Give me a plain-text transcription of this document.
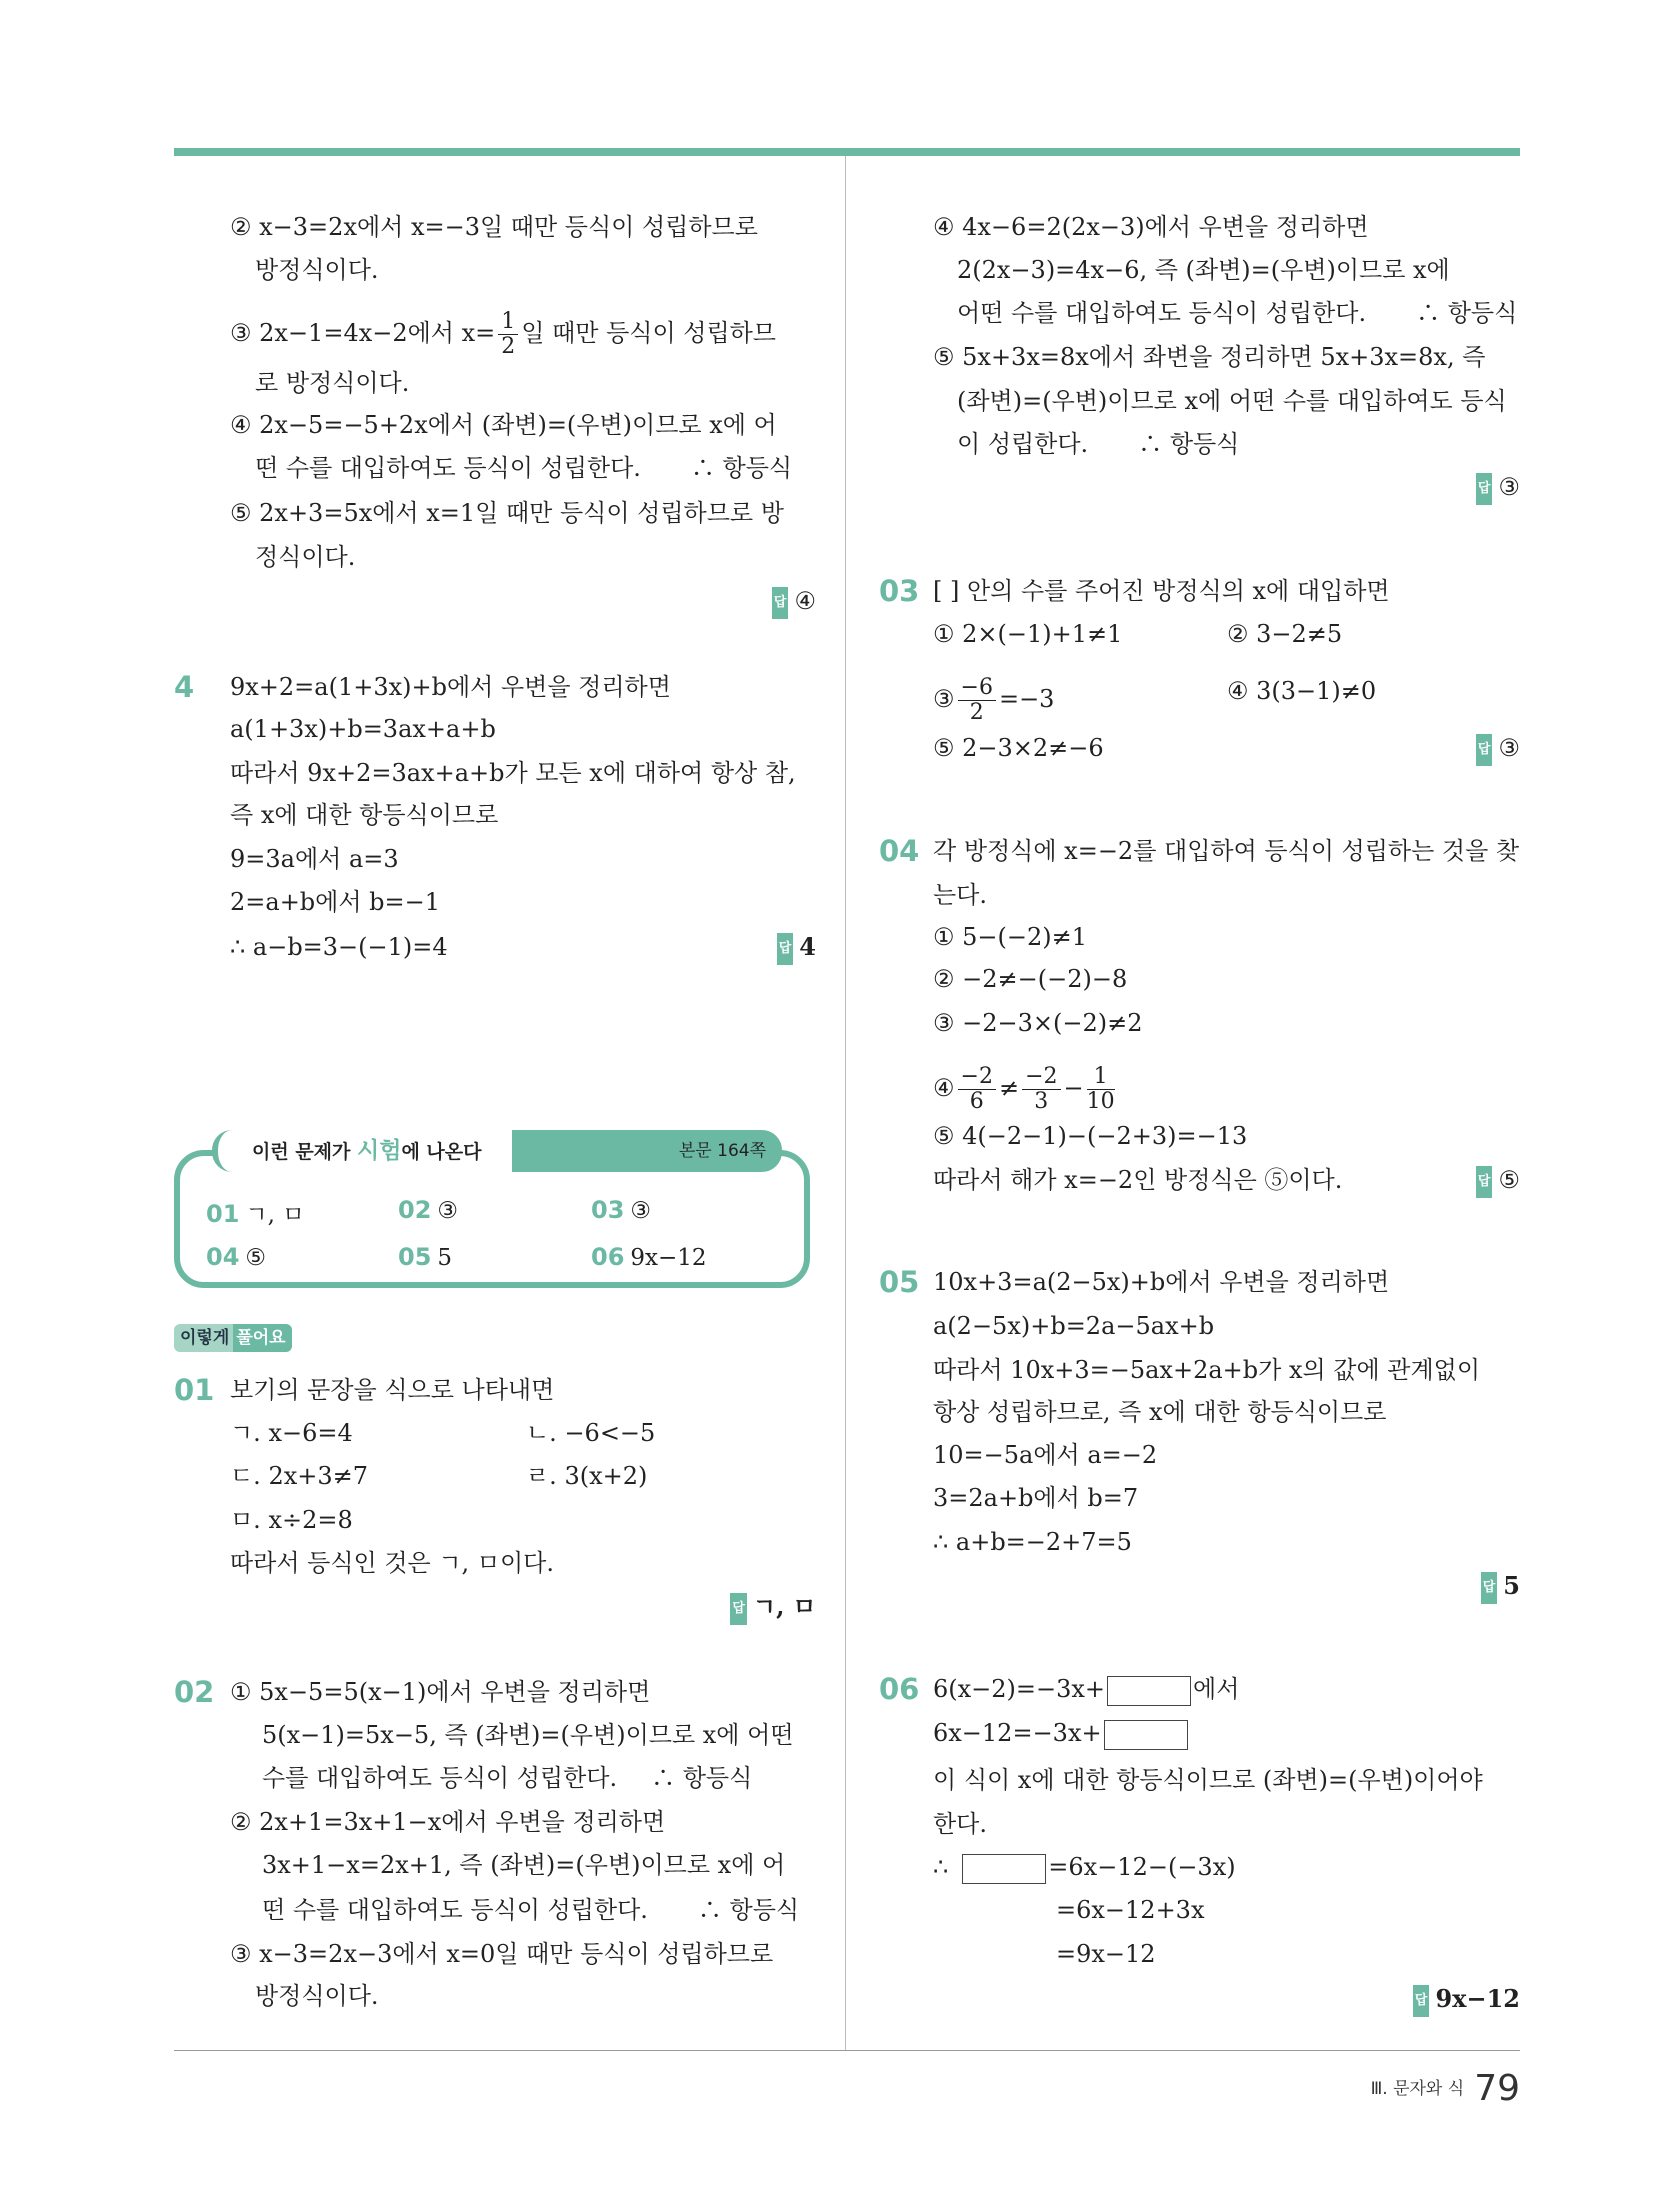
② x−3=2x에서 x=−3일 때만 등식이 성립하므로
방정식이다.
③ 2x−1=4x−2에서 $x= \frac{1}{2}$ 일 때만 등식이 성립하므
로 방정식이다.
④ 2x−5=−5+2x에서 (좌변)=(우변)이므로 x에 어
떤 수를 대입하여도 등식이 성립한다. ∴ 항등식
⑤ 2x+3=5x에서 x=1일 때만 등식이 성립하므로 방
정식이다.
답 ④
4 9x+2=a(1+3x)+b에서 우변을 정리하면
a(1+3x)+b=3ax+a+b
따라서 9x+2=3ax+a+b가 모든 x에 대하여 항상 참,
즉 x에 대한 항등식이므로
9=3a에서 a=3
2=a+b에서 b=−1
∴ a−b=3−(−1)=4	답 4
본문 164쪽
이런 문제가 시험에 나온다
01 ㄱ, ㅁ	02 ③	03 ③
04 ⑤	05 5	06 9x−12
이렇게 풀어요
01 보기의 문장을 식으로 나타내면
ㄱ. x−6=4	ㄴ. −6<−5
ㄷ. 2x+3≠7	ㄹ. 3(x+2)
ㅁ. x÷2=8
따라서 등식인 것은 ㄱ, ㅁ이다.
답 ㄱ, ㅁ
02 ① 5x−5=5(x−1)에서 우변을 정리하면
5(x−1)=5x−5, 즉 (좌변)=(우변)이므로 x에 어떤
수를 대입하여도 등식이 성립한다. ∴ 항등식
② 2x+1=3x+1−x에서 우변을 정리하면
3x+1−x=2x+1, 즉 (좌변)=(우변)이므로 x에 어
떤 수를 대입하여도 등식이 성립한다. ∴ 항등식
③ x−3=2x−3에서 x=0일 때만 등식이 성립하므로
방정식이다.
④ 4x−6=2(2x−3)에서 우변을 정리하면
2(2x−3)=4x−6, 즉 (좌변)=(우변)이므로 x에
어떤 수를 대입하여도 등식이 성립한다. ∴ 항등식
⑤ 5x+3x=8x에서 좌변을 정리하면 5x+3x=8x, 즉
(좌변)=(우변)이므로 x에 어떤 수를 대입하여도 등식
이 성립한다. ∴ 항등식
답 ③
03 [ ] 안의 수를 주어진 방정식의 x에 대입하면
① 2×(−1)+1≠1	② 3−2≠5
③ $\frac{-6}{2} =-3$	④ 3(3−1)≠0
⑤ 2−3×2≠−6	답 ③
04 각 방정식에 x=−2를 대입하여 등식이 성립하는 것을 찾
는다.
① 5−(−2)≠1
② −2≠−(−2)−8
③ −2−3×(−2)≠2
④ $\frac{-2}{6} \ne \frac{-2}{3} - \frac{1}{10}$
⑤ 4(−2−1)−(−2+3)=−13
따라서 해가 x=−2인 방정식은 ⑤이다.	답 ⑤
05 10x+3=a(2−5x)+b에서 우변을 정리하면
a(2−5x)+b=2a−5ax+b
따라서 10x+3=−5ax+2a+b가 x의 값에 관계없이
항상 성립하므로, 즉 x에 대한 항등식이므로
10=−5a에서 a=−2
3=2a+b에서 b=7
∴ a+b=−2+7=5
답 5
06 6(x−2)=−3x+	에서
6x−12=−3x+
이 식이 x에 대한 항등식이므로 (좌변)=(우변)이어야
한다.
∴	=6x−12−(−3x)
=6x−12+3x
=9x−12
답 9x−12
Ⅲ. 문자와 식 79
